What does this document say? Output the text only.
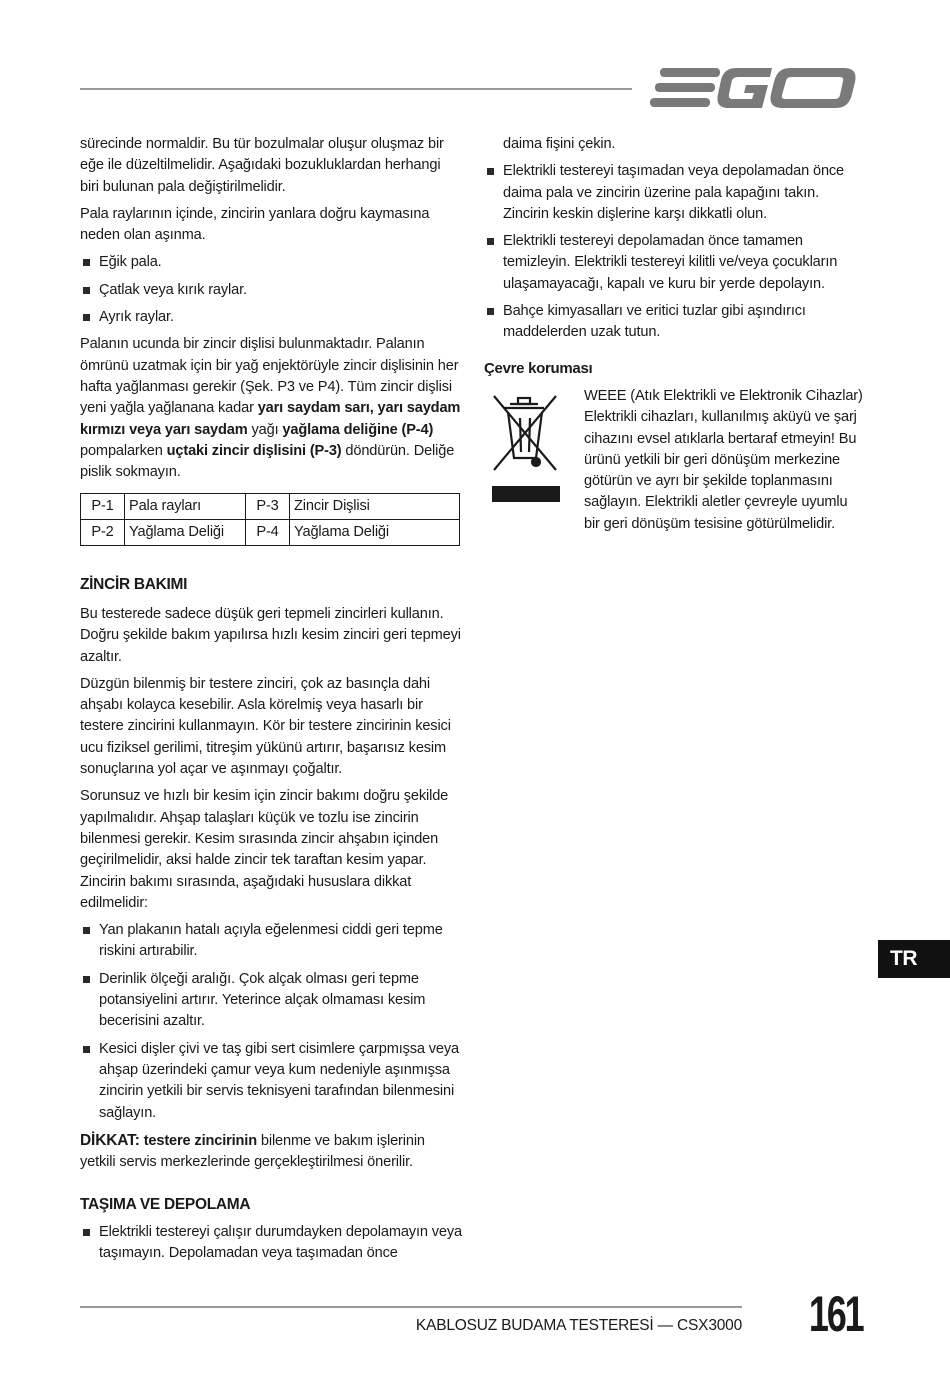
sürecinde normaldir. Bu tür bozulmalar oluşur oluşmaz bir eğe ile düzeltilmelidir. Aşağıdaki bozukluklardan herhangi biri bulunan pala değiştirilmelidir.

Pala raylarının içinde, zincirin yanlara doğru kaymasına neden olan aşınma.

Eğik pala.
Çatlak veya kırık raylar.
Ayrık raylar.

Palanın ucunda bir zincir dişlisi bulunmaktadır. Palanın ömrünü uzatmak için bir yağ enjektörüyle zincir dişlisinin her hafta yağlanması gerekir (Şek. P3 ve P4). Tüm zincir dişlisi yeni yağla yağlanana kadar yarı saydam sarı, yarı saydam kırmızı veya yarı saydam yağı yağlama deliğine (P-4) pompalarken uçtaki zincir dişlisini (P-3) döndürün. Deliğe pislik sokmayın.

P-1	Pala rayları	P-3	Zincir Dişlisi
P-2	Yağlama Deliği	P-4	Yağlama Deliği
ZİNCİR BAKIMI

Bu testerede sadece düşük geri tepmeli zincirleri kullanın. Doğru şekilde bakım yapılırsa hızlı kesim zinciri geri tepmeyi azaltır.

Düzgün bilenmiş bir testere zinciri, çok az basınçla dahi ahşabı kolayca kesebilir. Asla körelmiş veya hasarlı bir testere zincirini kullanmayın. Kör bir testere zincirinin kesici ucu fiziksel gerilimi, titreşim yükünü artırır, başarısız kesim sonuçlarına yol açar ve aşınmayı çoğaltır.

Sorunsuz ve hızlı bir kesim için zincir bakımı doğru şekilde yapılmalıdır. Ahşap talaşları küçük ve tozlu ise zincirin bilenmesi gerekir. Kesim sırasında zincir ahşabın içinden geçirilmelidir, aksi halde zincir tek taraftan kesim yapar. Zincirin bakımı sırasında, aşağıdaki hususlara dikkat edilmelidir:

Yan plakanın hatalı açıyla eğelenmesi ciddi geri tepme riskini artırabilir.
Derinlik ölçeği aralığı. Çok alçak olması geri tepme potansiyelini artırır. Yeterince alçak olmaması kesim becerisini azaltır.
Kesici dişler çivi ve taş gibi sert cisimlere çarpmışsa veya ahşap üzerindeki çamur veya kum nedeniyle aşınmışsa zincirin yetkili bir servis teknisyeni tarafından bilenmesini sağlayın.

DİKKAT: testere zincirinin bilenme ve bakım işlerinin yetkili servis merkezlerinde gerçekleştirilmesi önerilir.

TAŞIMA VE DEPOLAMA
Elektrikli testereyi çalışır durumdayken depolamayın veya taşımayın. Depolamadan veya taşımadan önce

daima fişini çekin.

Elektrikli testereyi taşımadan veya depolamadan önce daima pala ve zincirin üzerine pala kapağını takın. Zincirin keskin dişlerine karşı dikkatli olun.
Elektrikli testereyi depolamadan önce tamamen temizleyin. Elektrikli testereyi kilitli ve/veya çocukların ulaşamayacağı, kapalı ve kuru bir yerde depolayın.
Bahçe kimyasalları ve eritici tuzlar gibi aşındırıcı maddelerden uzak tutun.
Çevre koruması
WEEE (Atık Elektrikli ve Elektronik Cihazlar) Elektrikli cihazları, kullanılmış aküyü ve şarj cihazını evsel atıklarla bertaraf etmeyin! Bu ürünü yetkili bir geri dönüşüm merkezine götürün ve ayrı bir şekilde toplanmasını sağlayın. Elektrikli aletler çevreyle uyumlu bir geri dönüşüm tesisine götürülmelidir.
TR
KABLOSUZ BUDAMA TESTERESİ — CSX3000 161
